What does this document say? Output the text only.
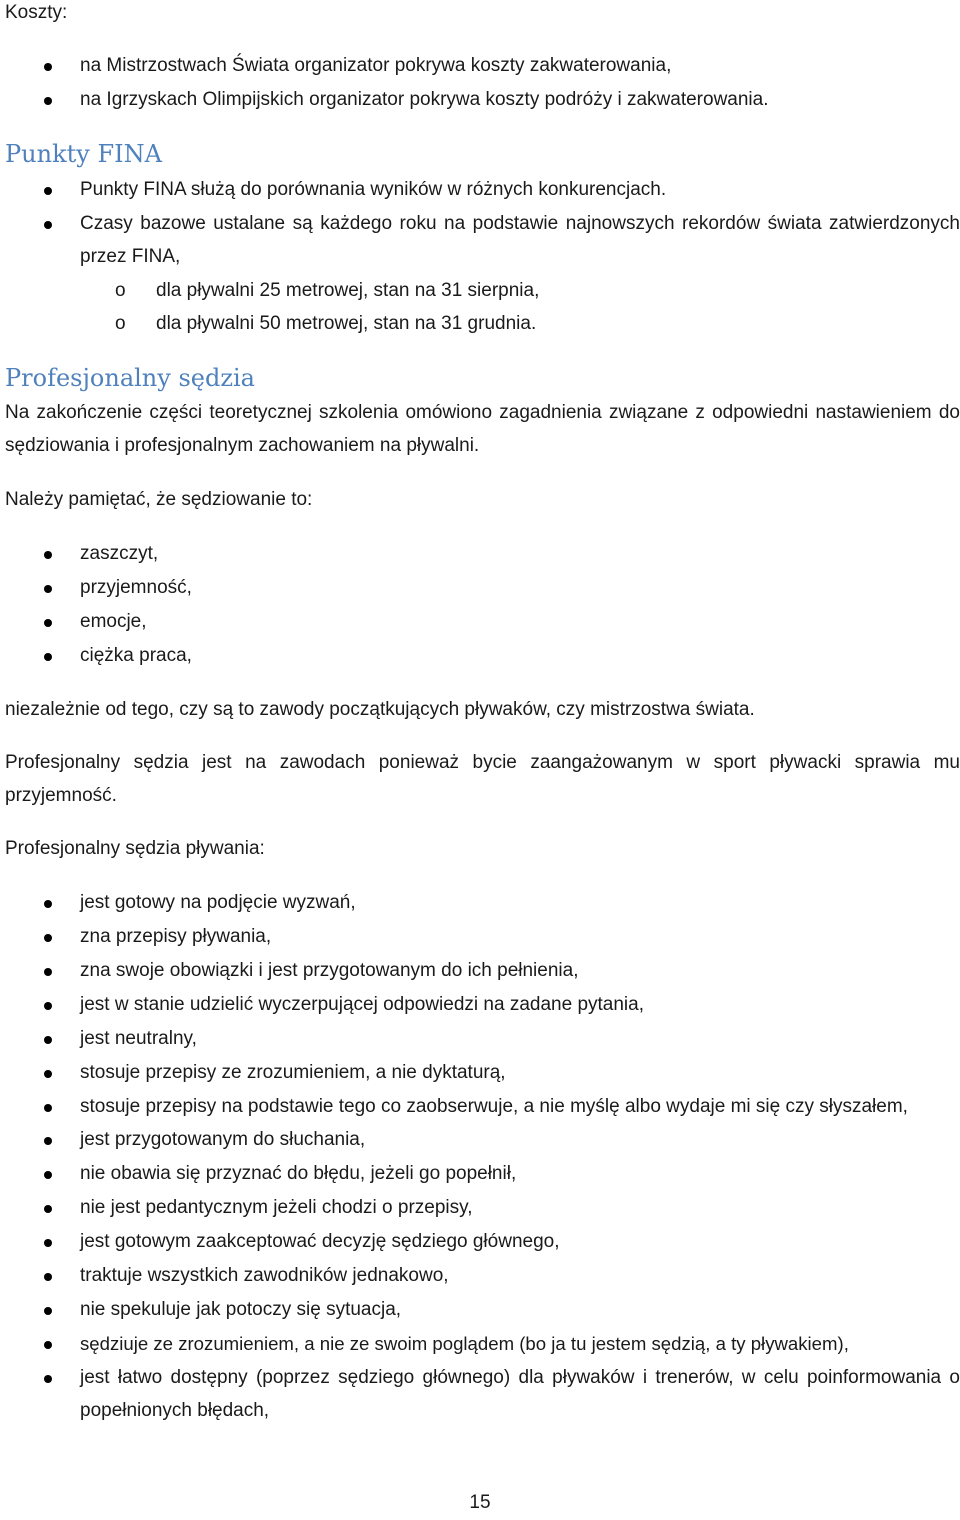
Koszty:

na Mistrzostwach Świata organizator pokrywa koszty zakwaterowania,
na Igrzyskach Olimpijskich organizator pokrywa koszty podróży i zakwaterowania.

Punkty FINA

Punkty FINA służą do porównania wyników w różnych konkurencjach.
Czasy bazowe ustalane są każdego roku na podstawie najnowszych rekordów świata zatwierdzonych przez FINA,
o dla pływalni 25 metrowej, stan na 31 sierpnia,
o dla pływalni 50 metrowej, stan na 31 grudnia.

Profesjonalny sędzia

Na zakończenie części teoretycznej szkolenia omówiono zagadnienia związane z odpowiedni nastawieniem do sędziowania i profesjonalnym zachowaniem na pływalni.

Należy pamiętać, że sędziowanie to:

zaszczyt,
przyjemność,
emocje,
ciężka praca,

niezależnie od tego, czy są to zawody początkujących pływaków, czy mistrzostwa świata.

Profesjonalny sędzia jest na zawodach ponieważ bycie zaangażowanym w sport pływacki sprawia mu przyjemność.

Profesjonalny sędzia pływania:

jest gotowy na podjęcie wyzwań,
zna przepisy pływania,
zna swoje obowiązki i jest przygotowanym do ich pełnienia,
jest w stanie udzielić wyczerpującej odpowiedzi na zadane pytania,
jest neutralny,
stosuje przepisy ze zrozumieniem, a nie dyktaturą,
stosuje przepisy na podstawie tego co zaobserwuje, a nie myślę albo wydaje mi się czy słyszałem,
jest przygotowanym do słuchania,
nie obawia się przyznać do błędu, jeżeli go popełnił,
nie jest pedantycznym jeżeli chodzi o przepisy,
jest gotowym zaakceptować decyzję sędziego głównego,
traktuje wszystkich zawodników jednakowo,
nie spekuluje jak potoczy się sytuacja,
sędziuje ze zrozumieniem, a nie ze swoim poglądem (bo ja tu jestem sędzią, a ty pływakiem),
jest łatwo dostępny (poprzez sędziego głównego) dla pływaków i trenerów, w celu poinformowania o popełnionych błędach,

15
